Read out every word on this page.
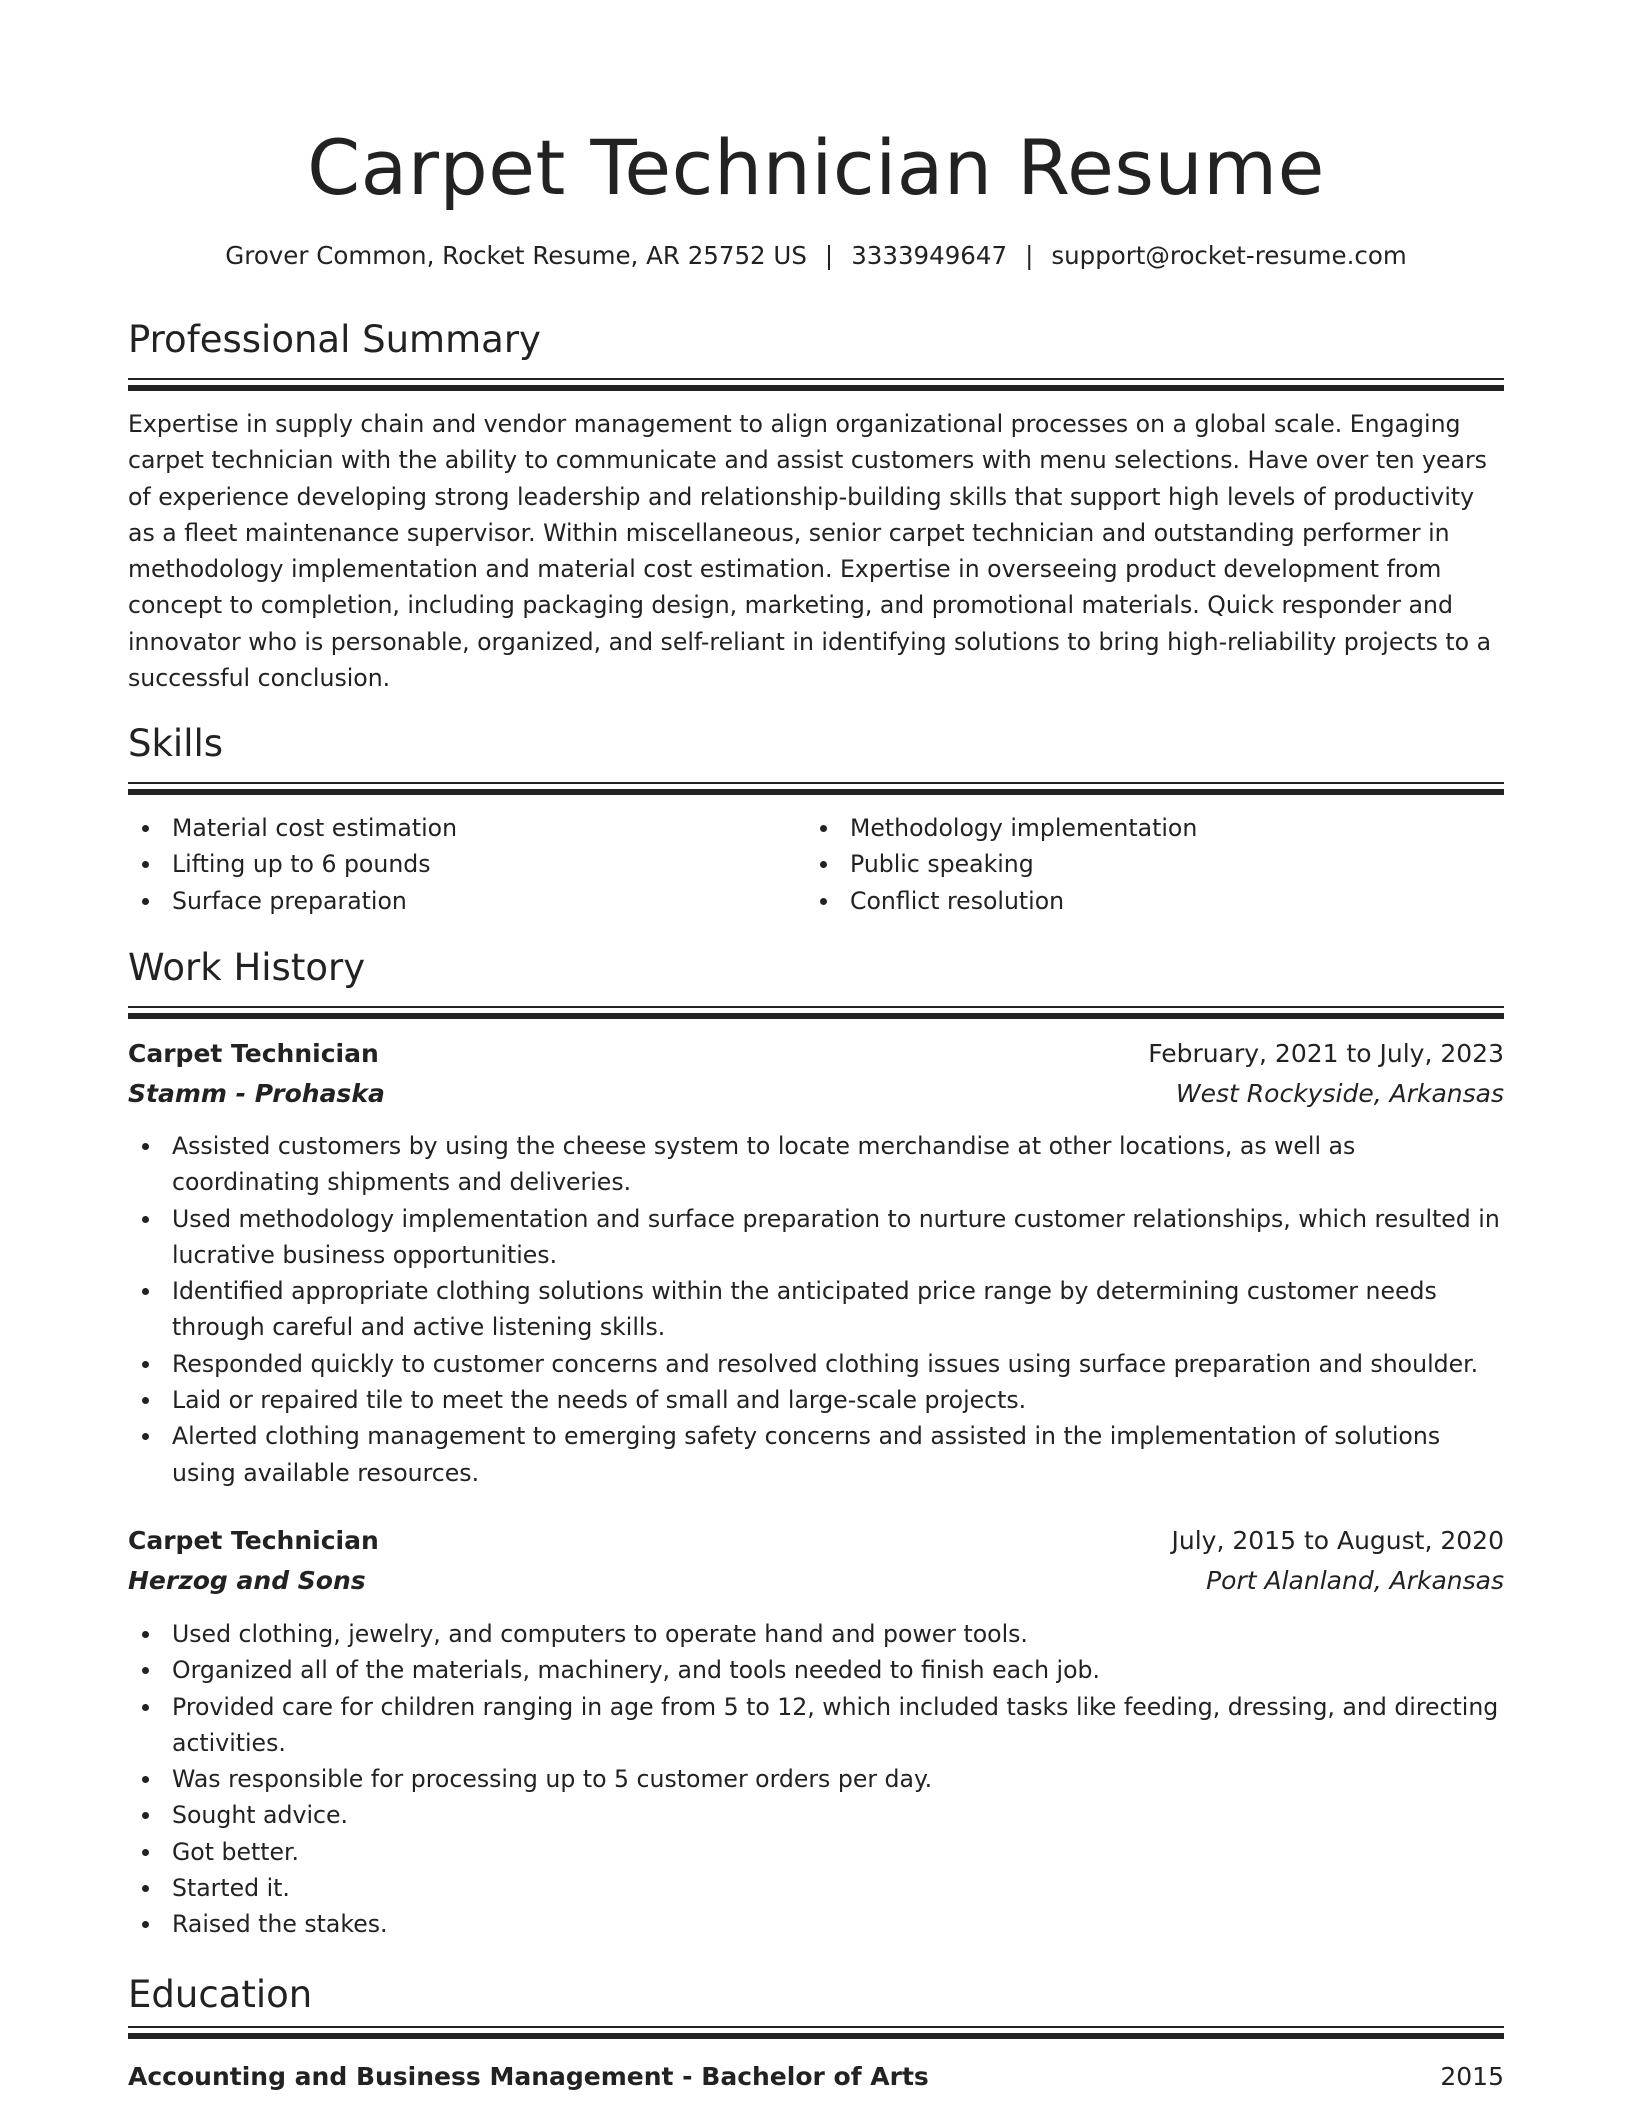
Carpet Technician Resume
Grover Common, Rocket Resume, AR 25752 US | 3333949647 | support@rocket-resume.com
Professional Summary

Expertise in supply chain and vendor management to align organizational processes on a global scale. Engaging carpet technician with the ability to communicate and assist customers with menu selections. Have over ten years of experience developing strong leadership and relationship-building skills that support high levels of productivity as a fleet maintenance supervisor. Within miscellaneous, senior carpet technician and outstanding performer in methodology implementation and material cost estimation. Expertise in overseeing product development from concept to completion, including packaging design, marketing, and promotional materials. Quick responder and innovator who is personable, organized, and self-reliant in identifying solutions to bring high-reliability projects to a successful conclusion.

Skills
Material cost estimation
Lifting up to 6 pounds
Surface preparation
Methodology implementation
Public speaking
Conflict resolution
Work History
Carpet Technician	February, 2021 to July, 2023
Stamm - Prohaska	West Rockyside, Arkansas
Assisted customers by using the cheese system to locate merchandise at other locations, as well as coordinating shipments and deliveries.
Used methodology implementation and surface preparation to nurture customer relationships, which resulted in lucrative business opportunities.
Identified appropriate clothing solutions within the anticipated price range by determining customer needs through careful and active listening skills.
Responded quickly to customer concerns and resolved clothing issues using surface preparation and shoulder.
Laid or repaired tile to meet the needs of small and large-scale projects.
Alerted clothing management to emerging safety concerns and assisted in the implementation of solutions using available resources.
Carpet Technician	July, 2015 to August, 2020
Herzog and Sons	Port Alanland, Arkansas
Used clothing, jewelry, and computers to operate hand and power tools.
Organized all of the materials, machinery, and tools needed to finish each job.
Provided care for children ranging in age from 5 to 12, which included tasks like feeding, dressing, and directing activities.
Was responsible for processing up to 5 customer orders per day.
Sought advice.
Got better.
Started it.
Raised the stakes.
Education
Accounting and Business Management - Bachelor of Arts	2015
